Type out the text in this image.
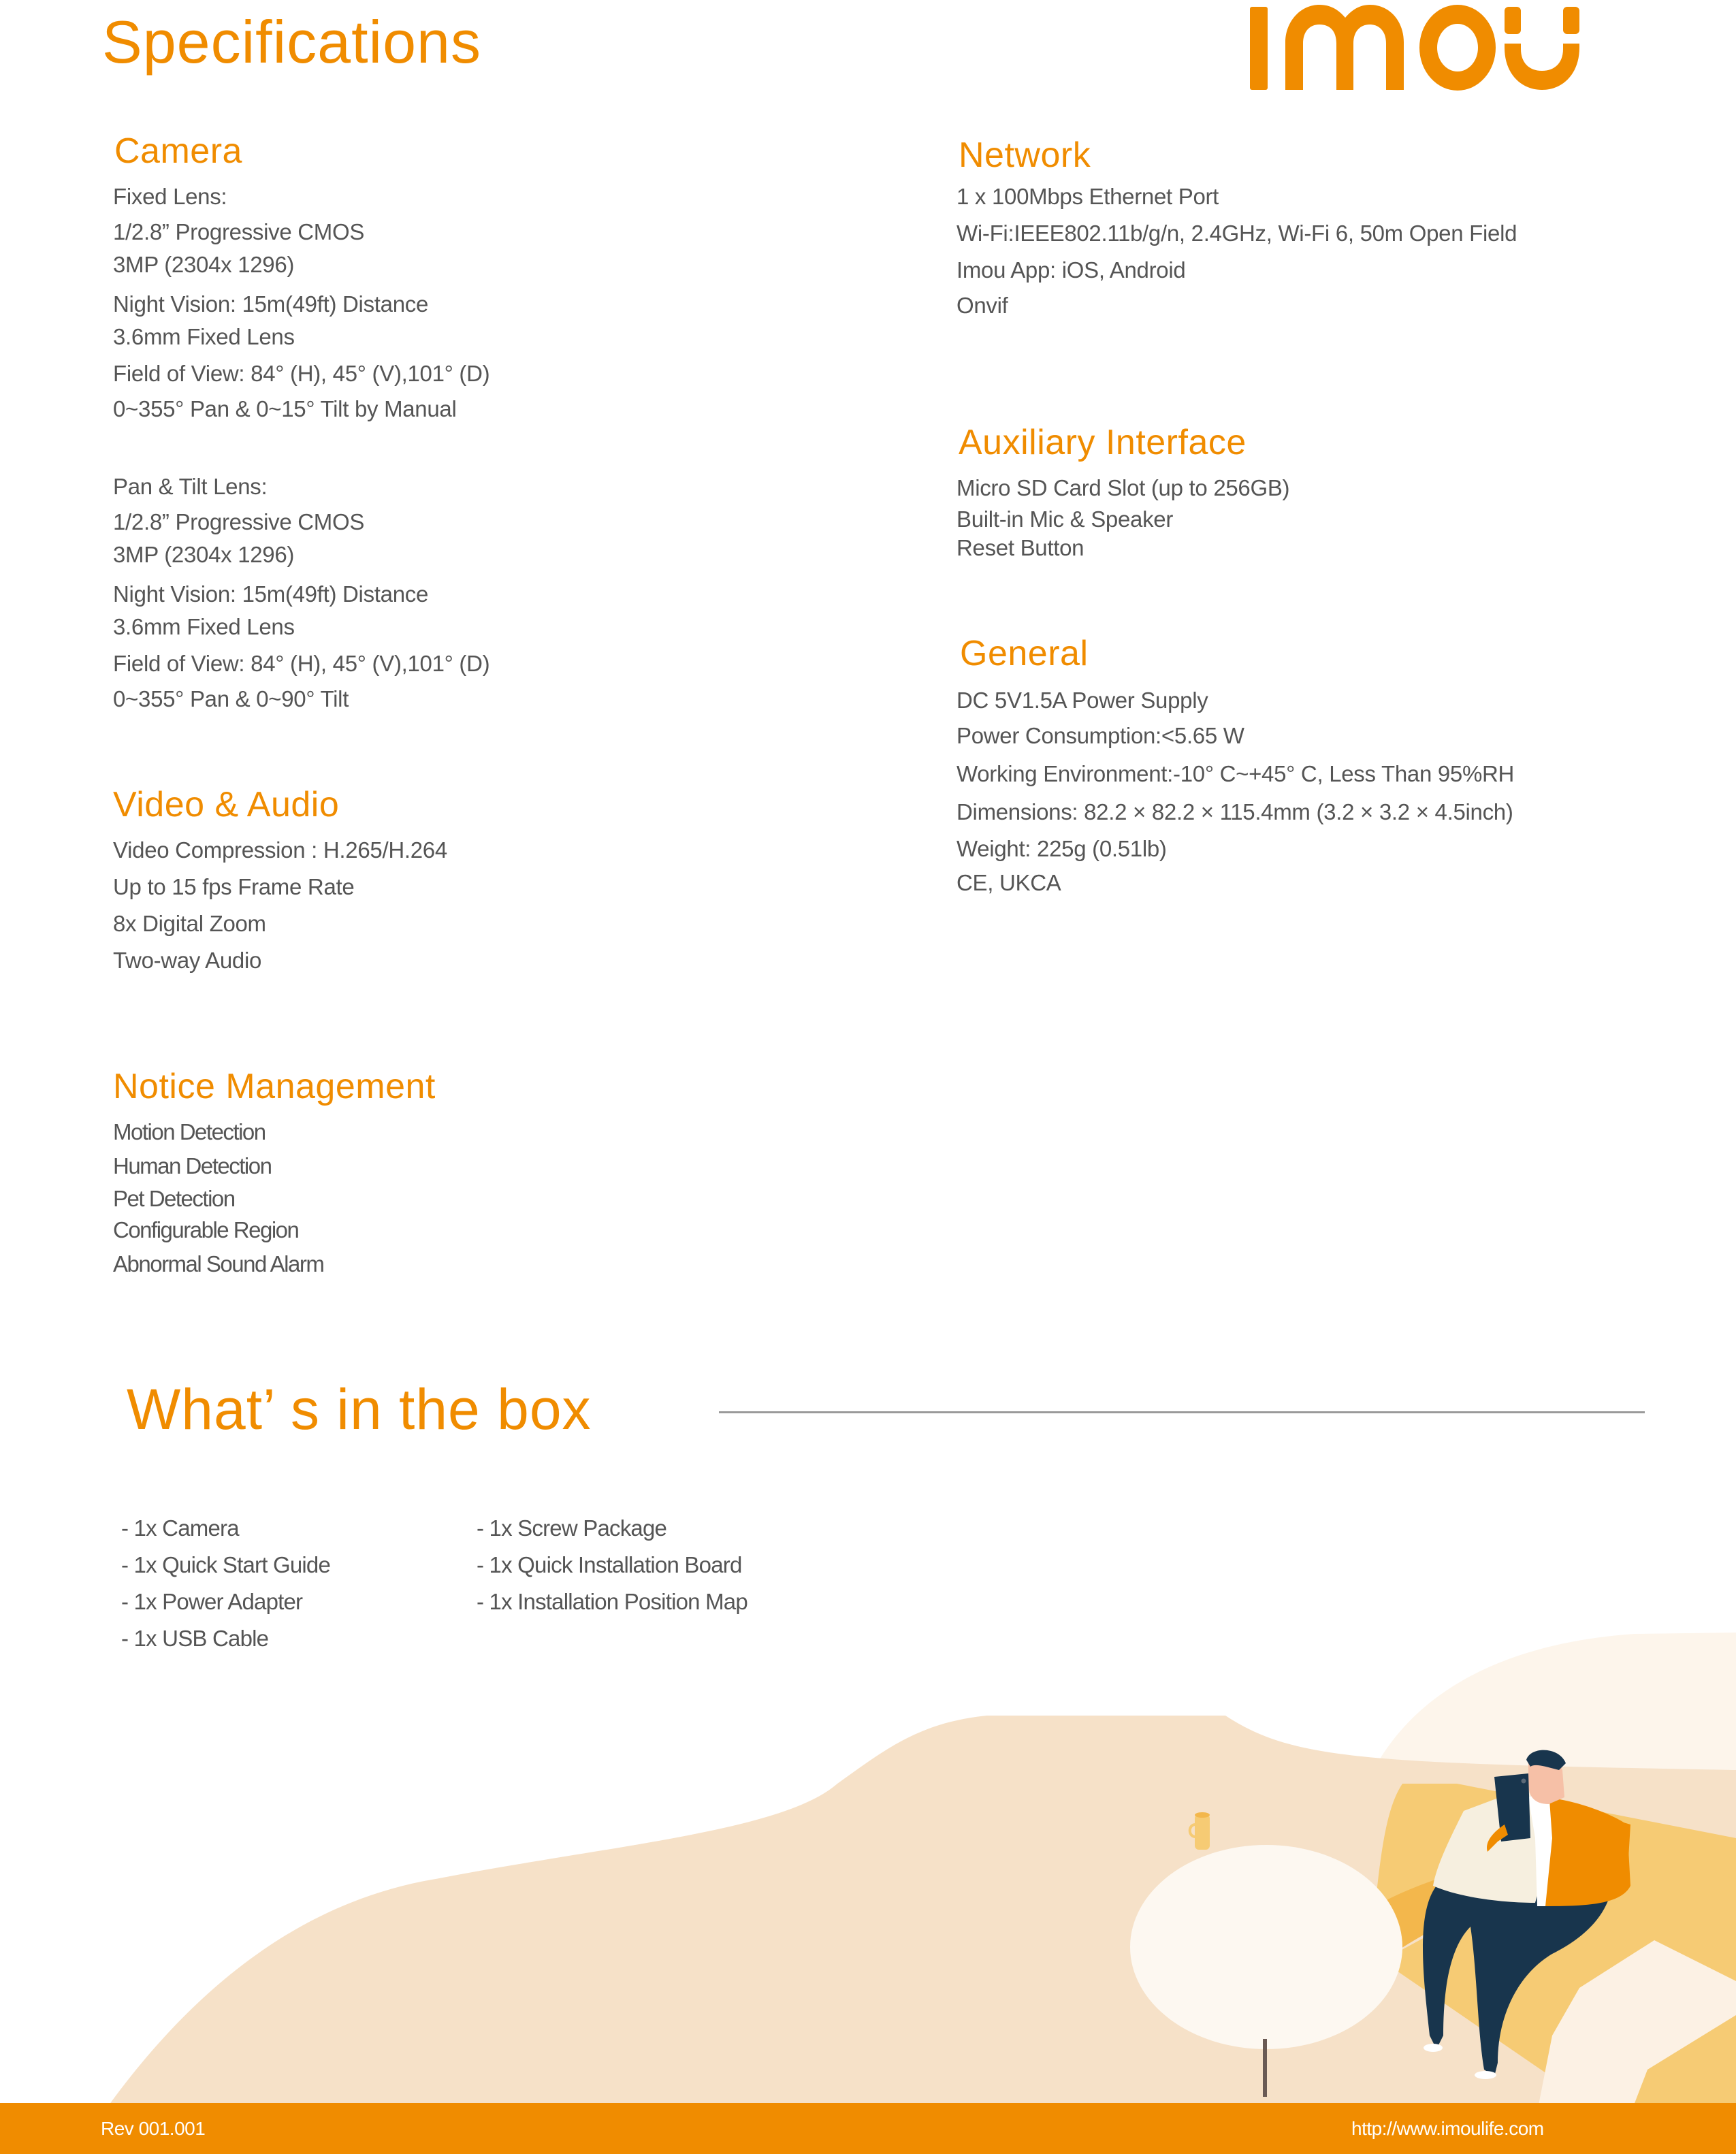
Specifications
Camera
Fixed Lens:
1/2.8” Progressive CMOS
3MP (2304x 1296)
Night Vision: 15m(49ft) Distance
3.6mm Fixed Lens
Field of View: 84° (H), 45° (V),101° (D)
0~355° Pan & 0~15° Tilt by Manual
Pan & Tilt Lens:
1/2.8” Progressive CMOS
3MP (2304x 1296)
Night Vision: 15m(49ft) Distance
3.6mm Fixed Lens
Field of View: 84° (H), 45° (V),101° (D)
0~355° Pan & 0~90° Tilt
Video & Audio
Video Compression : H.265/H.264
Up to 15 fps Frame Rate
8x Digital Zoom
Two-way Audio
Notice Management
Motion Detection
Human Detection
Pet Detection
Configurable Region
Abnormal Sound Alarm
Network
1 x 100Mbps Ethernet Port
Wi-Fi:IEEE802.11b/g/n, 2.4GHz, Wi-Fi 6, 50m Open Field
Imou App: iOS, Android
Onvif
Auxiliary Interface
Micro SD Card Slot (up to 256GB)
Built-in Mic & Speaker
Reset Button
General
DC 5V1.5A Power Supply
Power Consumption:<5.65 W
Working Environment:-10° C~+45° C, Less Than 95%RH
Dimensions: 82.2 × 82.2 × 115.4mm (3.2 × 3.2 × 4.5inch)
Weight: 225g (0.51lb)
CE, UKCA
What’ s in the box
- 1x Camera
- 1x Quick Start Guide
- 1x Power Adapter
- 1x USB Cable
- 1x Screw Package
- 1x Quick Installation Board
- 1x Installation Position Map
Rev 001.001	http://www.imoulife.com
